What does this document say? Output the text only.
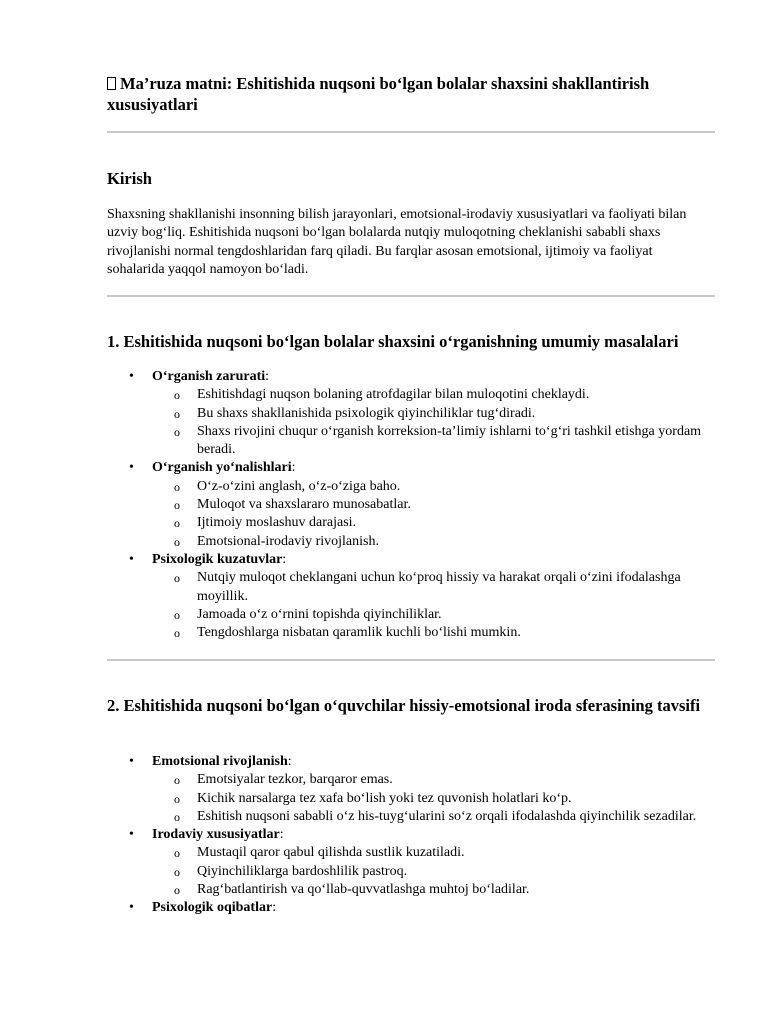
Ma’ruza matni: Eshitishida nuqsoni bo‘lgan bolalar shaxsini shakllantirish xususiyatlari
Kirish

Shaxsning shakllanishi insonning bilish jarayonlari, emotsional-irodaviy xususiyatlari va faoliyati bilan uzviy bog‘liq. Eshitishida nuqsoni bo‘lgan bolalarda nutqiy muloqotning cheklanishi sababli shaxs rivojlanishi normal tengdoshlaridan farq qiladi. Bu farqlar asosan emotsional, ijtimoiy va faoliyat sohalarida yaqqol namoyon bo‘ladi.

1. Eshitishida nuqsoni bo‘lgan bolalar shaxsini o‘rganishning umumiy masalalari
• O‘rganish zarurati:
o Eshitishdagi nuqson bolaning atrofdagilar bilan muloqotini cheklaydi.
o Bu shaxs shakllanishida psixologik qiyinchiliklar tug‘diradi.
o Shaxs rivojini chuqur o‘rganish korreksion-ta’limiy ishlarni to‘g‘ri tashkil etishga yordam beradi.
• O‘rganish yo‘nalishlari:
o O‘z-o‘zini anglash, o‘z-o‘ziga baho.
o Muloqot va shaxslararo munosabatlar.
o Ijtimoiy moslashuv darajasi.
o Emotsional-irodaviy rivojlanish.
• Psixologik kuzatuvlar:
o Nutqiy muloqot cheklangani uchun ko‘proq hissiy va harakat orqali o‘zini ifodalashga moyillik.
o Jamoada o‘z o‘rnini topishda qiyinchiliklar.
o Tengdoshlarga nisbatan qaramlik kuchli bo‘lishi mumkin.
2. Eshitishida nuqsoni bo‘lgan o‘quvchilar hissiy-emotsional iroda sferasining tavsifi
• Emotsional rivojlanish:
o Emotsiyalar tezkor, barqaror emas.
o Kichik narsalarga tez xafa bo‘lish yoki tez quvonish holatlari ko‘p.
o Eshitish nuqsoni sababli o‘z his-tuyg‘ularini so‘z orqali ifodalashda qiyinchilik sezadilar.
• Irodaviy xususiyatlar:
o Mustaqil qaror qabul qilishda sustlik kuzatiladi.
o Qiyinchiliklarga bardoshlilik pastroq.
o Rag‘batlantirish va qo‘llab-quvvatlashga muhtoj bo‘ladilar.
• Psixologik oqibatlar:
